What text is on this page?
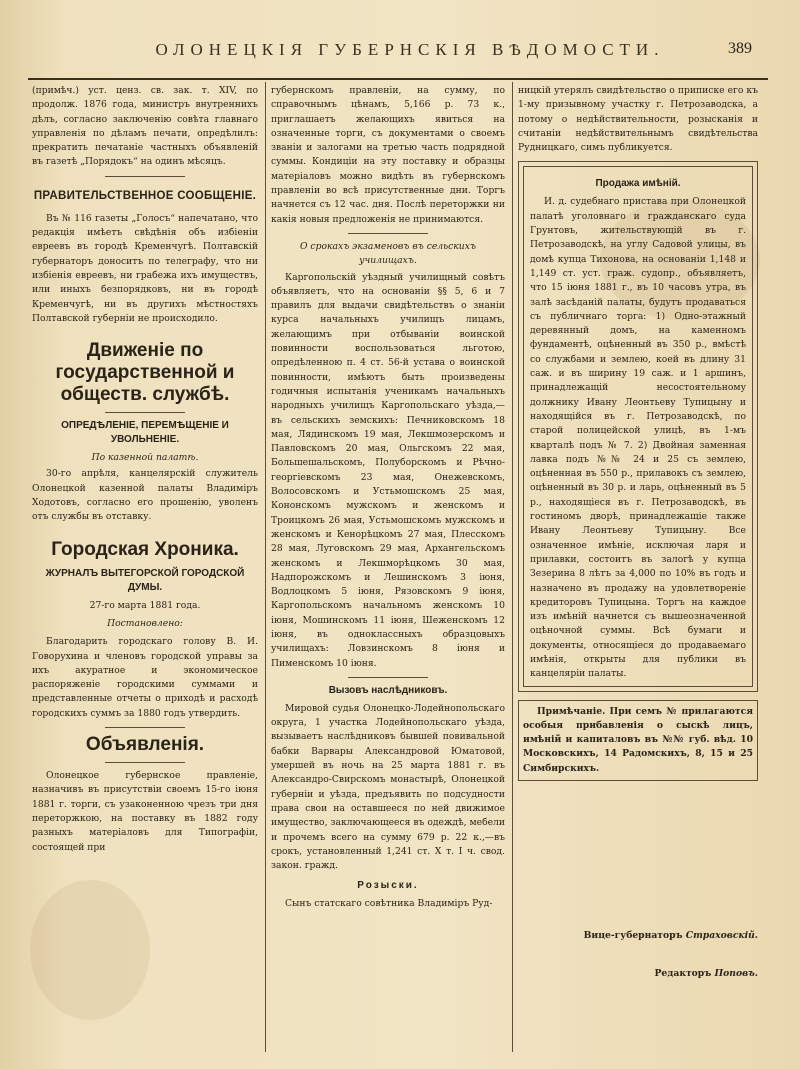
ОЛОНЕЦКІЯ ГУБЕРНСКІЯ ВѢДОМОСТИ.	389

(примѣч.) уст. ценз. св. зак. т. XIV, по продолж. 1876 года, министръ внутреннихъ дѣлъ, согласно заключенію совѣта главнаго управленія по дѣламъ печати, опредѣлилъ: прекратить печатаніе частныхъ объявленій въ газетѣ „Порядокъ“ на одинъ мѣсяцъ.

ПРАВИТЕЛЬСТВЕННОЕ СООБЩЕНІЕ.

Въ № 116 газеты „Голосъ“ напечатано, что редакція имѣетъ свѣдѣнія объ избіеніи евреевъ въ городѣ Кременчугѣ. Полтавскій губернаторъ доноситъ по телеграфу, что ни избіенія евреевъ, ни грабежа ихъ имуществъ, или иныхъ безпорядковъ, ни въ городѣ Кременчугѣ, ни въ другихъ мѣстностяхъ Полтавской губерніи не происходило.

Движеніе по государственной и обществ. службѣ.
ОПРЕДѢЛЕНІЕ, ПЕРЕМѢЩЕНІЕ И УВОЛЬНЕНІЕ.
По казенной палатѣ.

30-го апрѣля, канцелярскій служитель Олонецкой казенной палаты Владиміръ Ходотовъ, согласно его прошенію, уволенъ отъ службы въ отставку.

Городская Хроника.
ЖУРНАЛЪ ВЫТЕГОРСКОЙ ГОРОДСКОЙ ДУМЫ.
27-го марта 1881 года.
Постановлено:

Благодарить городскаго голову В. И. Говорухина и членовъ городской управы за ихъ акуратное и экономическое распоряженіе городскими суммами и представленные отчеты о приходѣ и расходѣ городскихъ суммъ за 1880 годъ утвердить.

Объявленія.

Олонецкое губернское правленіе, назначивъ въ присутствіи своемъ 15-го іюня 1881 г. торги, съ узаконенною чрезъ три дня переторжкою, на поставку въ 1882 году разныхъ матеріаловъ для Типографіи, состоящей при

губернскомъ правленіи, на сумму, по справочнымъ цѣнамъ, 5,166 р. 73 к., приглашаетъ желающихъ явиться на означенные торги, съ документами о своемъ званіи и залогами на третью часть подрядной суммы. Кондиціи на эту поставку и образцы матеріаловъ можно видѣть въ губернскомъ правленіи во всѣ присутственные дни. Торгъ начнется съ 12 час. дня. Послѣ переторжки ни какія новыя предложенія не принимаются.

О срокахъ экзаменовъ въ сельскихъ училищахъ.

Каргопольскій уѣздный училищный совѣтъ объявляетъ, что на основаніи §§ 5, 6 и 7 правилъ для выдачи свидѣтельствъ о знаніи курса начальныхъ училищъ лицамъ, желающимъ при отбываніи воинской повинности воспользоваться льготою, опредѣленною п. 4 ст. 56-й устава о воинской повинности, имѣютъ быть произведены годичныя испытанія ученикамъ начальныхъ народныхъ училищъ Каргопольскаго уѣзда,—въ сельскихъ земскихъ: Печниковскомъ 18 мая, Лядинскомъ 19 мая, Лекшмозерскомъ и Павловскомъ 20 мая, Ольгскомъ 22 мая, Большешальскомъ, Полуборскомъ и Рѣчно-георгіевскомъ 23 мая, Онежевскомъ, Волосовскомъ и Устьмошскомъ 25 мая, Кононскомъ мужскомъ и женскомъ и Троицкомъ 26 мая, Устьмошскомъ мужскомъ и женскомъ и Кенорѣцкомъ 27 мая, Плесскомъ 28 мая, Луговскомъ 29 мая, Архангельскомъ женскомъ и Лекшморѣцкомъ 30 мая, Надпорожскомъ и Лешинскомъ 3 іюня, Водлоцкомъ 5 іюня, Рязовскомъ 9 іюня, Каргопольскомъ начальномъ женскомъ 10 іюня, Мошинскомъ 11 іюня, Шеженскомъ 12 іюня, въ одноклассныхъ образцовыхъ училищахъ: Ловзинскомъ 8 іюня и Пименскомъ 10 іюня.

Вызовъ наслѣдниковъ.

Мировой судья Олонецко-Лодейнопольскаго округа, 1 участка Лодейнопольскаго уѣзда, вызываетъ наслѣдниковъ бывшей повивальной бабки Варвары Александровой Юматовой, умершей въ ночь на 25 марта 1881 г. въ Александро-Свирскомъ монастырѣ, Олонецкой губерніи и уѣзда, предъявить по подсудности права свои на оставшееся по ней движимое имущество, заключающееся въ одеждѣ, мебели и прочемъ всего на сумму 679 р. 22 к.,—въ срокъ, установленный 1,241 ст. X т. I ч. свод. закон. гражд.

Розыски.

Сынъ статскаго совѣтника Владиміръ Руд-

ницкій утерялъ свидѣтельство о приписке его къ 1-му призывному участку г. Петрозаводска, а потому о недѣйствительности, розысканія и считаніи недѣйствительнымъ свидѣтельства Рудницкаго, симъ публикуется.

Продажа имѣній.

И. д. судебнаго пристава при Олонецкой палатѣ уголовнаго и гражданскаго суда Грунтовъ, жительствующій въ г. Петрозаводскѣ, на углу Садовой улицы, въ домѣ купца Тихонова, на основаніи 1,148 и 1,149 ст. уст. граж. судопр., объявляетъ, что 15 іюня 1881 г., въ 10 часовъ утра, въ залѣ засѣданій палаты, будутъ продаваться съ публичнаго торга: 1) Одно-этажный деревянный домъ, на каменномъ фундаментѣ, оцѣненный въ 350 р., вмѣстѣ со службами и землею, коей въ длину 31 саж. и въ ширину 19 саж. и 1 аршинъ, принадлежащій несостоятельному должнику Ивану Леонтьеву Тупицыну и находящійся въ г. Петрозаводскѣ, по старой полицейской улицѣ, въ 1-мъ кварталѣ подъ № 7. 2) Двойная заменная лавка подъ №№ 24 и 25 съ землею, оцѣненная въ 550 р., прилавокъ съ землею, оцѣненный въ 30 р. и ларь, оцѣненный въ 5 р., находящіеся въ г. Петрозаводскѣ, въ гостиномъ дворѣ, принадлежащіе также Ивану Леонтьеву Тупицыну. Все означенное имѣніе, исключая ларя и прилавки, состоитъ въ залогѣ у купца Зезерина 8 лѣтъ за 4,000 по 10% въ годъ и назначено въ продажу на удовлетвореніе кредиторовъ Тупицына. Торгъ на каждое изъ имѣній начнется съ вышеозначенной оцѣночной суммы. Всѣ бумаги и документы, относящіеся до продаваемаго имѣнія, открыты для публики въ канцеляріи палаты.

Примѣчаніе. При семъ № прилагаются особыя прибавленія о сыскѣ лицъ, имѣній и капиталовъ въ №№ губ. вѣд. 10 Московскихъ, 14 Радомскихъ, 8, 15 и 25 Симбирскихъ.

Вице-губернаторъ Страховскій.

Редакторъ Поповъ.
